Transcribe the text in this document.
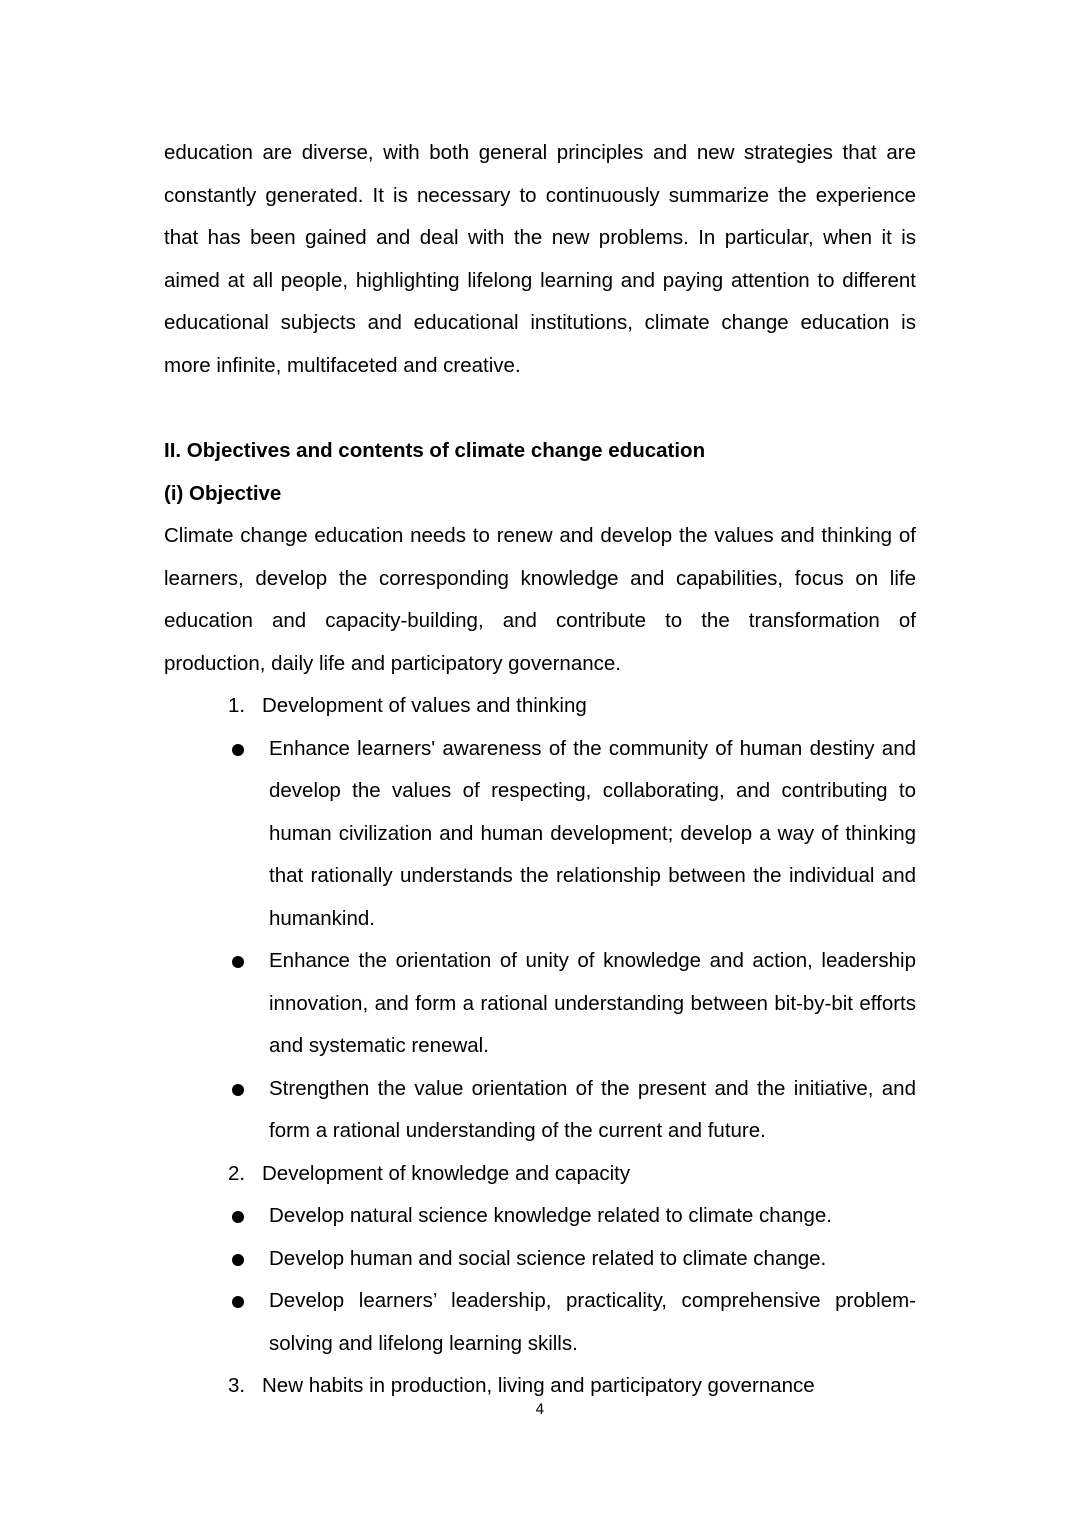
education are diverse, with both general principles and new strategies that are constantly generated. It is necessary to continuously summarize the experience that has been gained and deal with the new problems. In particular, when it is aimed at all people, highlighting lifelong learning and paying attention to different educational subjects and educational institutions, climate change education is more infinite, multifaceted and creative.

II. Objectives and contents of climate change education

(i) Objective

Climate change education needs to renew and develop the values and thinking of learners, develop the corresponding knowledge and capabilities, focus on life education and capacity-building, and contribute to the transformation of production, daily life and participatory governance.

1. Development of values and thinking

Enhance learners' awareness of the community of human destiny and develop the values of respecting, collaborating, and contributing to human civilization and human development; develop a way of thinking that rationally understands the relationship between the individual and humankind.

Enhance the orientation of unity of knowledge and action, leadership innovation, and form a rational understanding between bit-by-bit efforts and systematic renewal.

Strengthen the value orientation of the present and the initiative, and form a rational understanding of the current and future.

2. Development of knowledge and capacity

Develop natural science knowledge related to climate change.

Develop human and social science related to climate change.

Develop learners’ leadership, practicality, comprehensive problem-solving and lifelong learning skills.

3. New habits in production, living and participatory governance

4
